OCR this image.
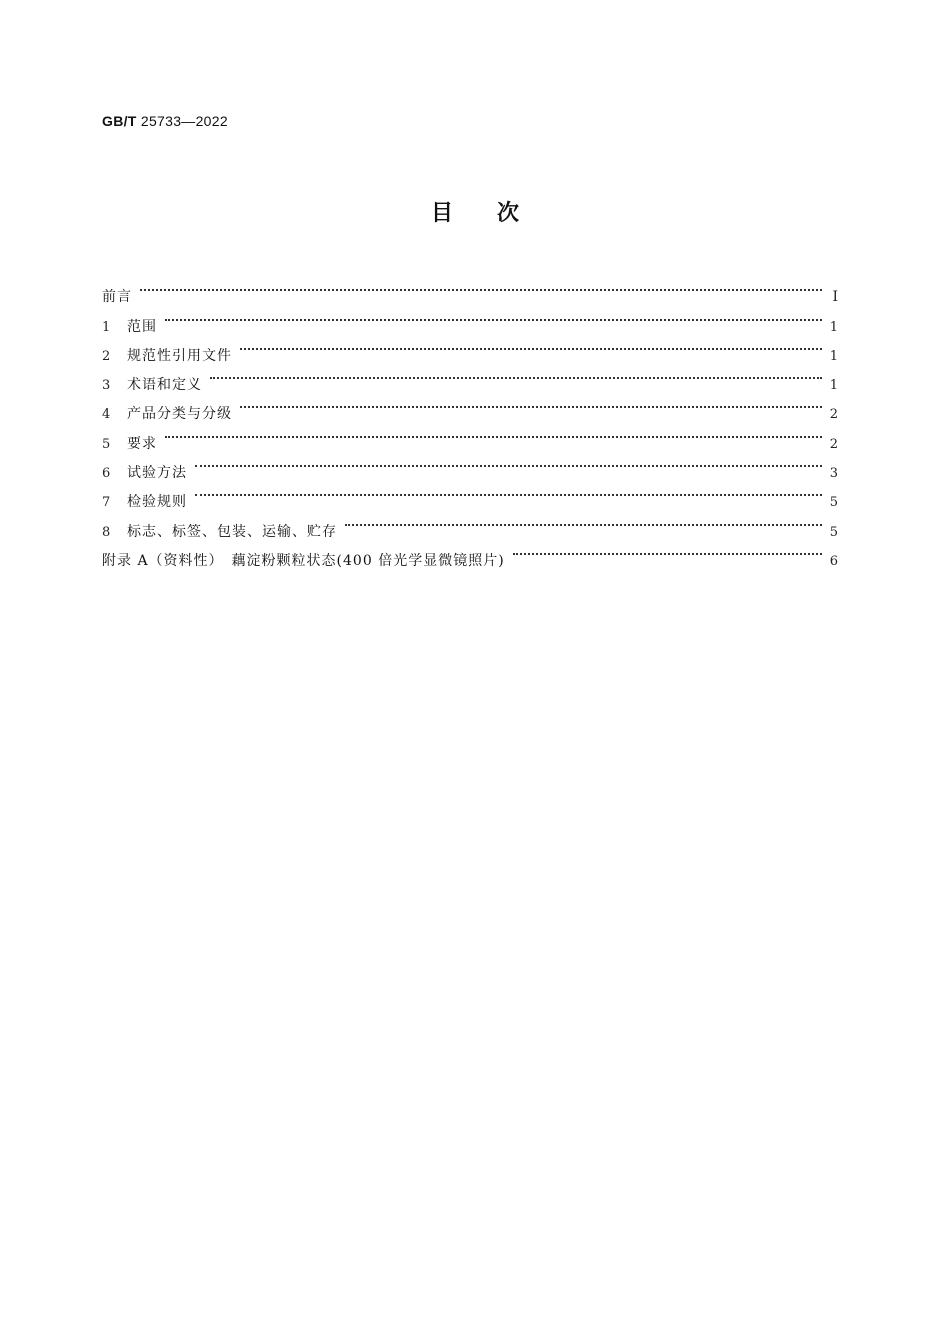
GB/T 25733—2022
目 次
前言	Ⅰ
1	范围	1
2	规范性引用文件	1
3	术语和定义	1
4	产品分类与分级	2
5	要求	2
6	试验方法	3
7	检验规则	5
8	标志、标签、包装、运输、贮存	5
附录 A（资料性）　藕淀粉颗粒状态(400 倍光学显微镜照片)	6
